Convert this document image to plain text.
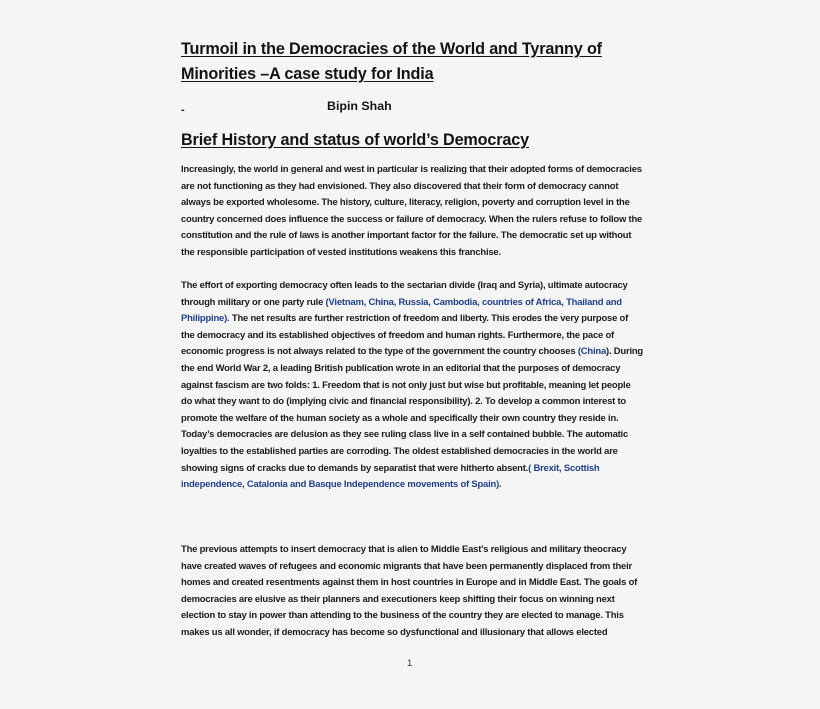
Turmoil in the Democracies of the World and Tyranny of Minorities –A case study for India
-	Bipin Shah
Brief History and status of world’s Democracy

Increasingly, the world in general and west in particular is realizing that their adopted forms of democracies are not functioning as they had envisioned. They also discovered that their form of democracy cannot always be exported wholesome. The history, culture, literacy, religion, poverty and corruption level in the country concerned does influence the success or failure of democracy. When the rulers refuse to follow the constitution and the rule of laws is another important factor for the failure. The democratic set up without the responsible participation of vested institutions weakens this franchise.

The effort of exporting democracy often leads to the sectarian divide (Iraq and Syria), ultimate autocracy through military or one party rule (Vietnam, China, Russia, Cambodia, countries of Africa, Thailand and Philippine). The net results are further restriction of freedom and liberty. This erodes the very purpose of the democracy and its established objectives of freedom and human rights. Furthermore, the pace of economic progress is not always related to the type of the government the country chooses (China). During the end World War 2, a leading British publication wrote in an editorial that the purposes of democracy against fascism are two folds: 1. Freedom that is not only just but wise but profitable, meaning let people do what they want to do (implying civic and financial responsibility). 2. To develop a common interest to promote the welfare of the human society as a whole and specifically their own country they reside in. Today’s democracies are delusion as they see ruling class live in a self contained bubble. The automatic loyalties to the established parties are corroding. The oldest established democracies in the world are showing signs of cracks due to demands by separatist that were hitherto absent.( Brexit, Scottish independence, Catalonia and Basque Independence movements of Spain).

The previous attempts to insert democracy that is alien to Middle East’s religious and military theocracy have created waves of refugees and economic migrants that have been permanently displaced from their homes and created resentments against them in host countries in Europe and in Middle East. The goals of democracies are elusive as their planners and executioners keep shifting their focus on winning next election to stay in power than attending to the business of the country they are elected to manage. This makes us all wonder, if democracy has become so dysfunctional and illusionary that allows elected

1
